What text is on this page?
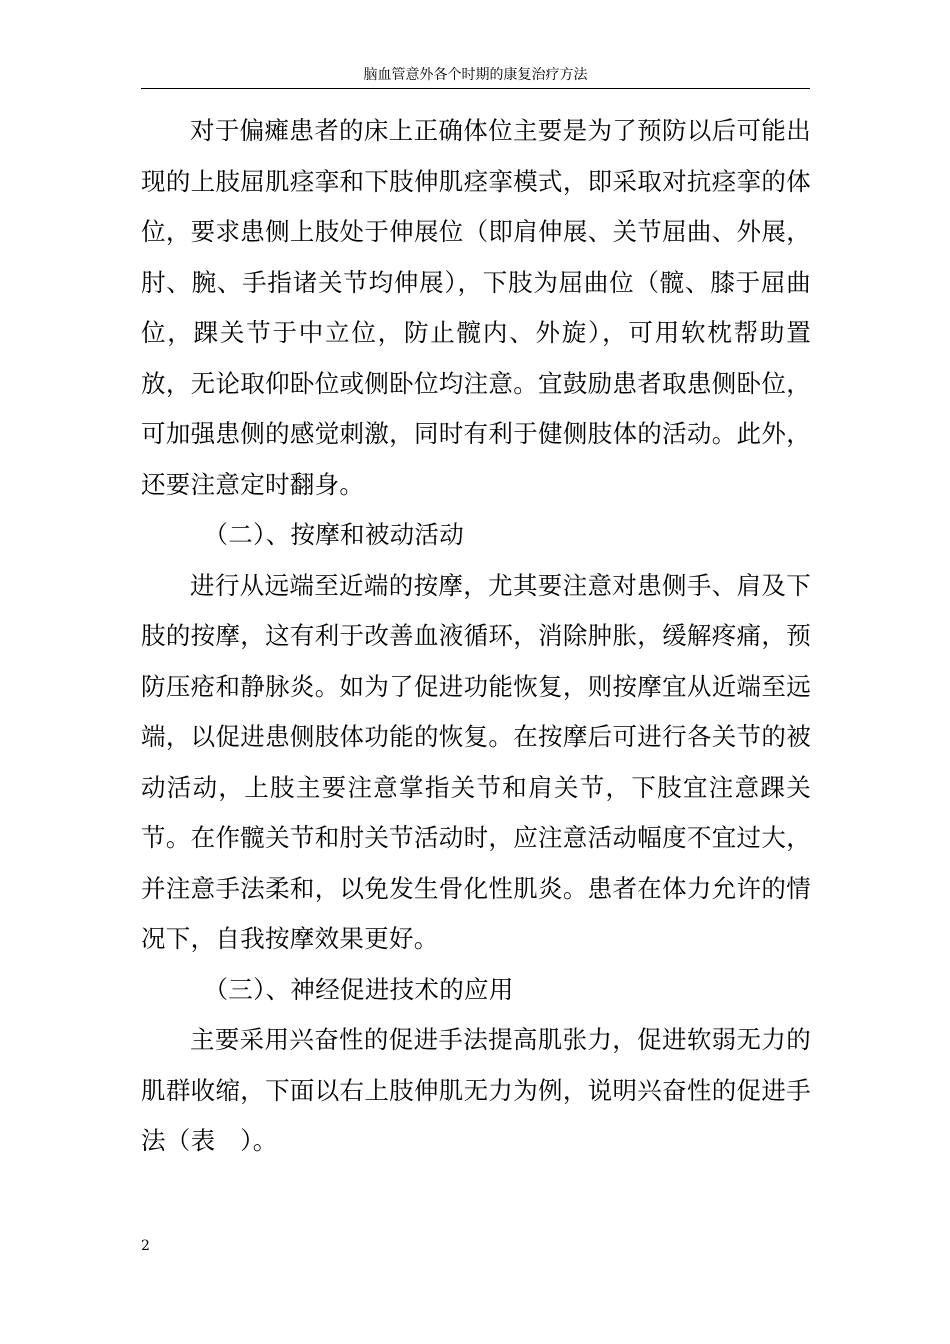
脑血管意外各个时期的康复治疗方法

对于偏瘫患者的床上正确体位主要是为了预防以后可能出现的上肢屈肌痉挛和下肢伸肌痉挛模式，即采取对抗痉挛的体位，要求患侧上肢处于伸展位（即肩伸展、关节屈曲、外展，肘、腕、手指诸关节均伸展），下肢为屈曲位（髋、膝于屈曲位，踝关节于中立位，防止髋内、外旋），可用软枕帮助置放，无论取仰卧位或侧卧位均注意。宜鼓励患者取患侧卧位，可加强患侧的感觉刺激，同时有利于健侧肢体的活动。此外，还要注意定时翻身。

（二）、按摩和被动活动

进行从远端至近端的按摩，尤其要注意对患侧手、肩及下肢的按摩，这有利于改善血液循环，消除肿胀，缓解疼痛，预防压疮和静脉炎。如为了促进功能恢复，则按摩宜从近端至远端，以促进患侧肢体功能的恢复。在按摩后可进行各关节的被动活动，上肢主要注意掌指关节和肩关节，下肢宜注意踝关节。在作髋关节和肘关节活动时，应注意活动幅度不宜过大，并注意手法柔和，以免发生骨化性肌炎。患者在体力允许的情况下，自我按摩效果更好。

（三）、神经促进技术的应用

主要采用兴奋性的促进手法提高肌张力，促进软弱无力的肌群收缩，下面以右上肢伸肌无力为例，说明兴奋性的促进手法（表　）。

2
